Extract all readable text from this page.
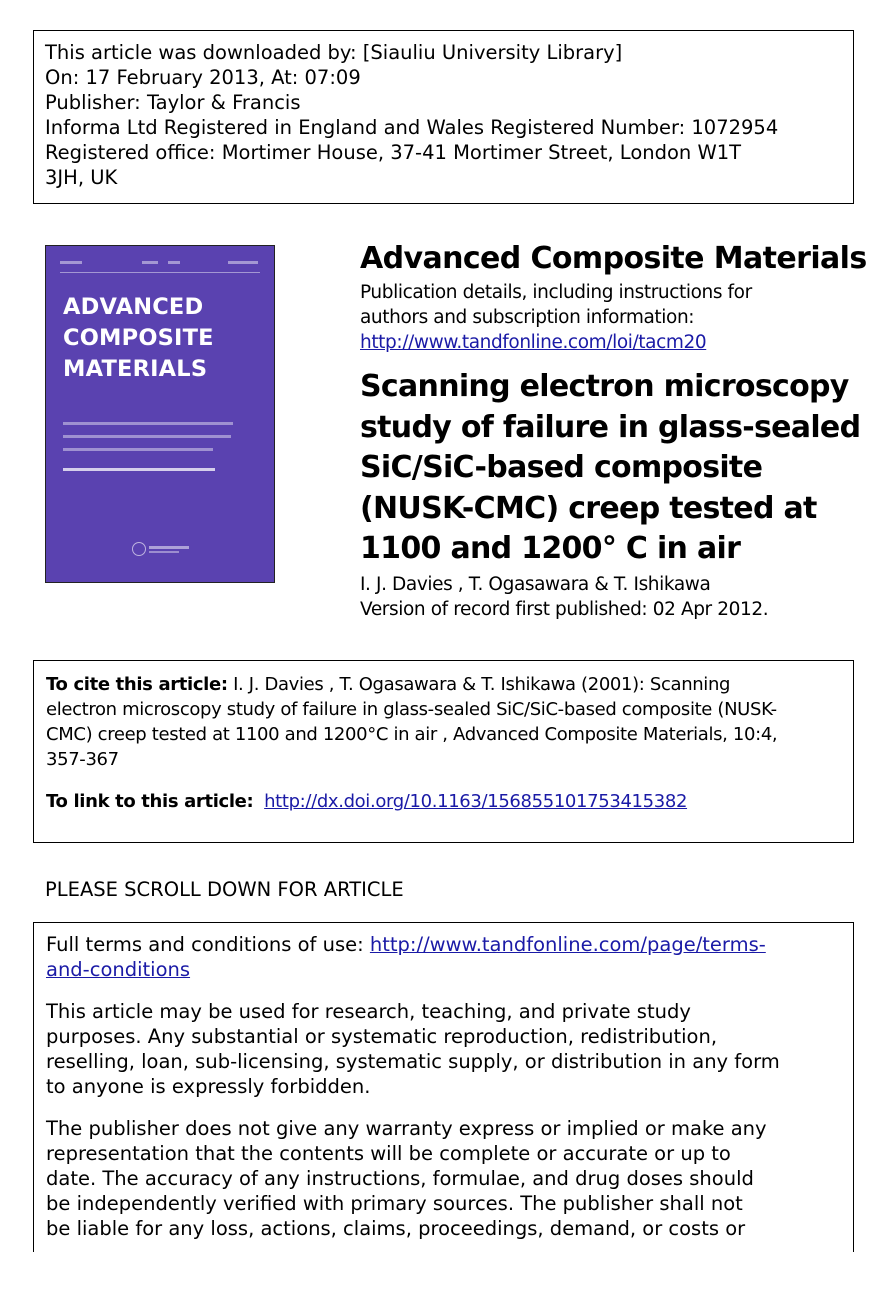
This article was downloaded by: [Siauliu University Library]
On: 17 February 2013, At: 07:09
Publisher: Taylor & Francis
Informa Ltd Registered in England and Wales Registered Number: 1072954
Registered office: Mortimer House, 37-41 Mortimer Street, London W1T
3JH, UK
ADVANCED
COMPOSITE
MATERIALS
Advanced Composite Materials
Publication details, including instructions for
authors and subscription information:
http://www.tandfonline.com/loi/tacm20
Scanning electron microscopy
study of failure in glass-sealed
SiC/SiC-based composite
(NUSK-CMC) creep tested at
1100 and 1200° C in air
I. J. Davies , T. Ogasawara & T. Ishikawa
Version of record first published: 02 Apr 2012.
To cite this article: I. J. Davies , T. Ogasawara & T. Ishikawa (2001): Scanning
electron microscopy study of failure in glass-sealed SiC/SiC-based composite (NUSK-
CMC) creep tested at 1100 and 1200°C in air , Advanced Composite Materials, 10:4,
357-367
To link to this article: http://dx.doi.org/10.1163/156855101753415382
PLEASE SCROLL DOWN FOR ARTICLE
Full terms and conditions of use: http://www.tandfonline.com/page/terms-
and-conditions
This article may be used for research, teaching, and private study
purposes. Any substantial or systematic reproduction, redistribution,
reselling, loan, sub-licensing, systematic supply, or distribution in any form
to anyone is expressly forbidden.
The publisher does not give any warranty express or implied or make any
representation that the contents will be complete or accurate or up to
date. The accuracy of any instructions, formulae, and drug doses should
be independently verified with primary sources. The publisher shall not
be liable for any loss, actions, claims, proceedings, demand, or costs or
